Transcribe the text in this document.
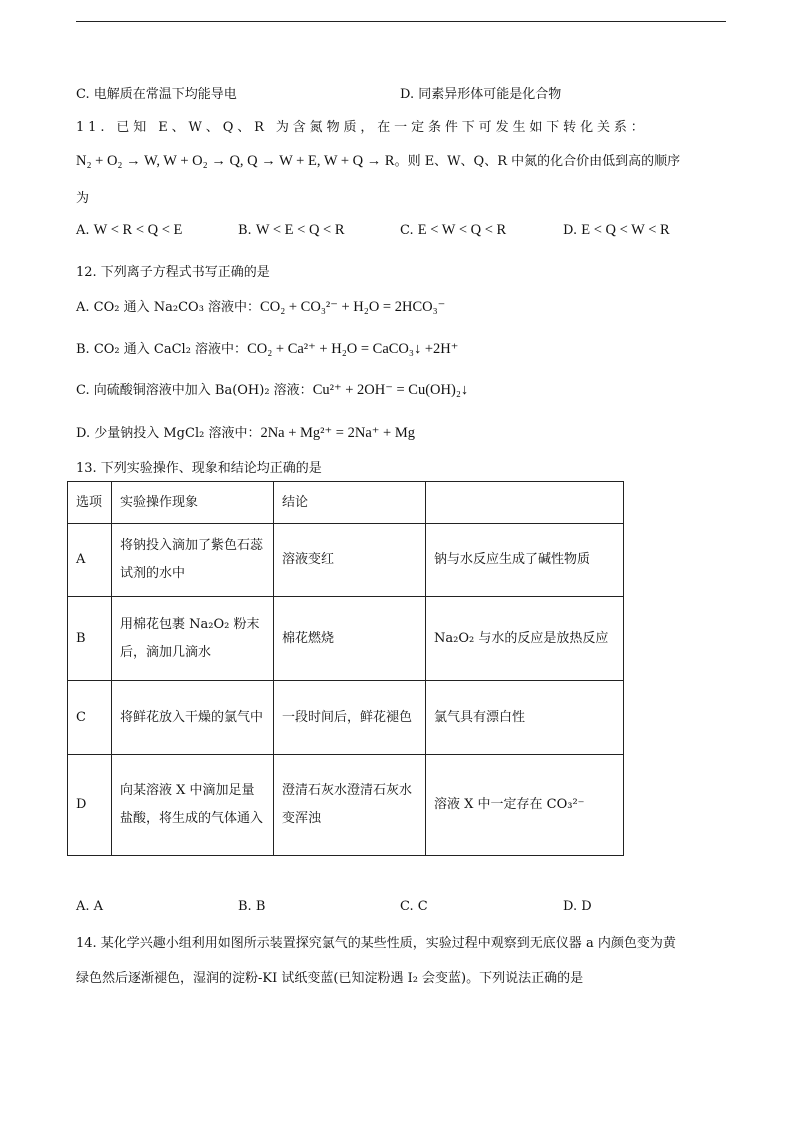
C. 电解质在常温下均能导电	D. 同素异形体可能是化合物
11. 已知 E、W、Q、R 为含氮物质，在一定条件下可发生如下转化关系：
N₂ + O₂ → W, W + O₂ → Q, Q → W + E, W + Q → R。则 E、W、Q、R 中氮的化合价由低到高的顺序
为
A. W < R < Q < E	B. W < E < Q < R	C. E < W < Q < R	D. E < Q < W < R
12. 下列离子方程式书写正确的是
A. CO₂ 通入 Na₂CO₃ 溶液中：CO₂ + CO₃²⁻ + H₂O = 2HCO₃⁻
B. CO₂ 通入 CaCl₂ 溶液中：CO₂ + Ca²⁺ + H₂O = CaCO₃↓ +2H⁺
C. 向硫酸铜溶液中加入 Ba(OH)₂ 溶液：Cu²⁺ + 2OH⁻ = Cu(OH)₂↓
D. 少量钠投入 MgCl₂ 溶液中：2Na + Mg²⁺ = 2Na⁺ + Mg
13. 下列实验操作、现象和结论均正确的是
选项	实验操作现象	结论	
A	将钠投入滴加了紫色石蕊试剂的水中	溶液变红	钠与水反应生成了碱性物质
B	用棉花包裹 Na₂O₂ 粉末后，滴加几滴水	棉花燃烧	Na₂O₂ 与水的反应是放热反应
C	将鲜花放入干燥的氯气中	一段时间后，鲜花褪色	氯气具有漂白性
D	向某溶液 X 中滴加足量盐酸，将生成的气体通入	澄清石灰水澄清石灰水变浑浊	溶液 X 中一定存在 CO₃²⁻
A. A	B. B	C. C	D. D
14. 某化学兴趣小组利用如图所示装置探究氯气的某些性质，实验过程中观察到无底仪器 a 内颜色变为黄
绿色然后逐渐褪色，湿润的淀粉-KI 试纸变蓝(已知淀粉遇 I₂ 会变蓝)。下列说法正确的是
